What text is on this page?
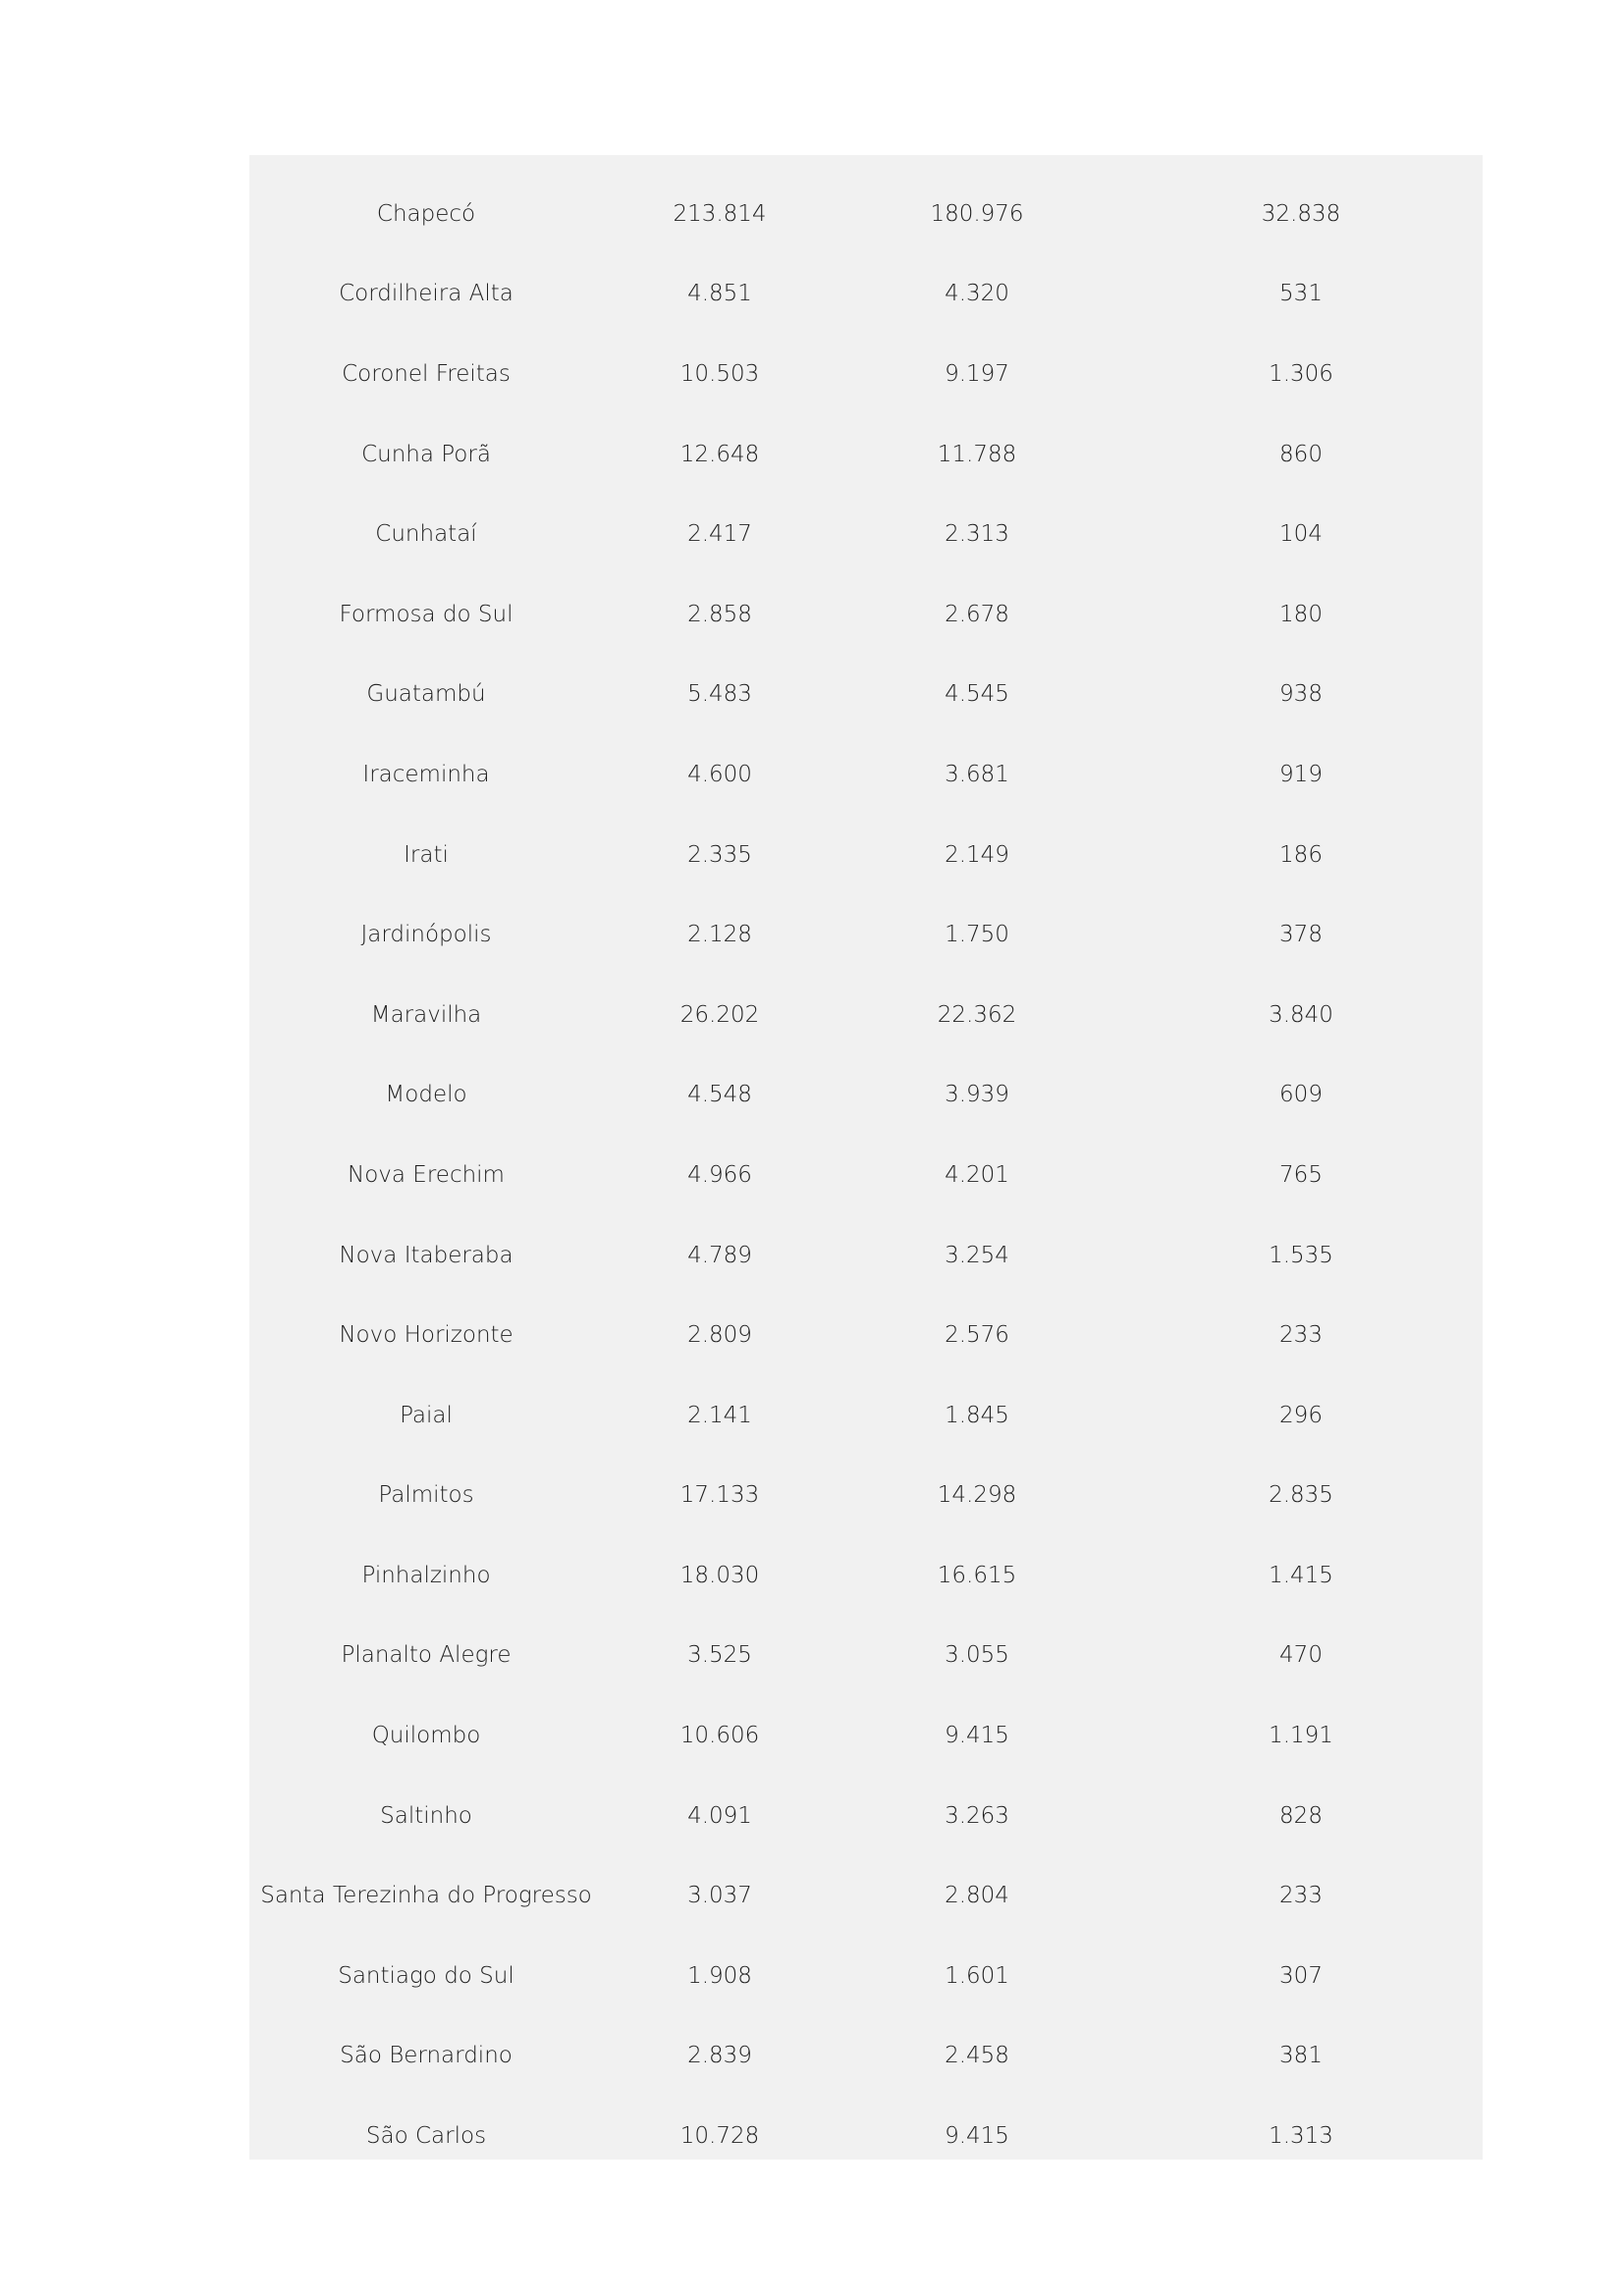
Chapecó	213.814	180.976	32.838
Cordilheira Alta	4.851	4.320	531
Coronel Freitas	10.503	9.197	1.306
Cunha Porã	12.648	11.788	860
Cunhataí	2.417	2.313	104
Formosa do Sul	2.858	2.678	180
Guatambú	5.483	4.545	938
Iraceminha	4.600	3.681	919
Irati	2.335	2.149	186
Jardinópolis	2.128	1.750	378
Maravilha	26.202	22.362	3.840
Modelo	4.548	3.939	609
Nova Erechim	4.966	4.201	765
Nova Itaberaba	4.789	3.254	1.535
Novo Horizonte	2.809	2.576	233
Paial	2.141	1.845	296
Palmitos	17.133	14.298	2.835
Pinhalzinho	18.030	16.615	1.415
Planalto Alegre	3.525	3.055	470
Quilombo	10.606	9.415	1.191
Saltinho	4.091	3.263	828
Santa Terezinha do Progresso	3.037	2.804	233
Santiago do Sul	1.908	1.601	307
São Bernardino	2.839	2.458	381
São Carlos	10.728	9.415	1.313
